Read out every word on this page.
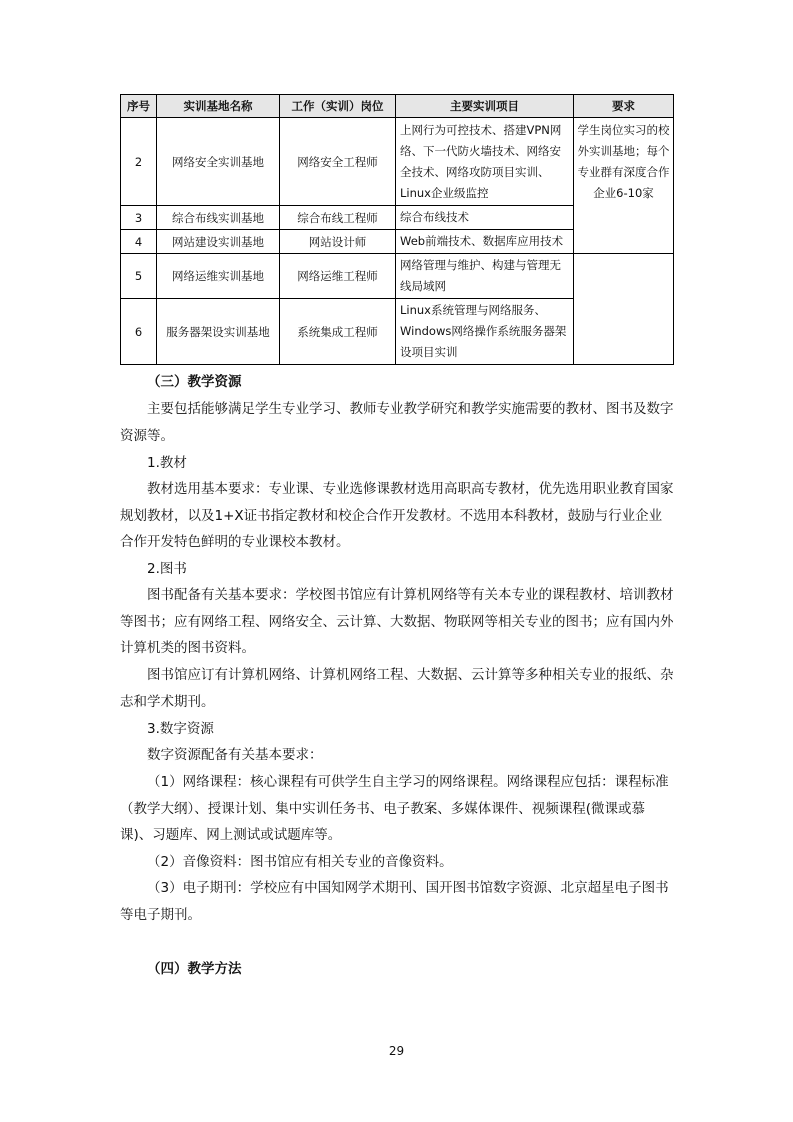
序号	实训基地名称	工作（实训）岗位	主要实训项目	要求
2	网络安全实训基地	网络安全工程师	上网行为可控技术、搭建VPN网络、下一代防火墙技术、网络安全技术、网络攻防项目实训、Linux企业级监控	学生岗位实习的校外实训基地；每个专业群有深度合作企业6-10家
3	综合布线实训基地	综合布线工程师	综合布线技术	
4	网站建设实训基地	网站设计师	Web前端技术、数据库应用技术	
5	网络运维实训基地	网络运维工程师	网络管理与维护、构建与管理无线局域网	
6	服务器架设实训基地	系统集成工程师	Linux系统管理与网络服务、Windows网络操作系统服务器架设项目实训	

（三）教学资源

主要包括能够满足学生专业学习、教师专业教学研究和教学实施需要的教材、图书及数字资源等。

1.教材

教材选用基本要求：专业课、专业选修课教材选用高职高专教材，优先选用职业教育国家规划教材，以及1+X证书指定教材和校企合作开发教材。不选用本科教材，鼓励与行业企业合作开发特色鲜明的专业课校本教材。

2.图书

图书配备有关基本要求：学校图书馆应有计算机网络等有关本专业的课程教材、培训教材等图书；应有网络工程、网络安全、云计算、大数据、物联网等相关专业的图书；应有国内外计算机类的图书资料。

图书馆应订有计算机网络、计算机网络工程、大数据、云计算等多种相关专业的报纸、杂志和学术期刊。

3.数字资源

数字资源配备有关基本要求：

（1）网络课程：核心课程有可供学生自主学习的网络课程。网络课程应包括：课程标准（教学大纲）、授课计划、集中实训任务书、电子教案、多媒体课件、视频课程(微课或慕课)、习题库、网上测试或试题库等。

（2）音像资料：图书馆应有相关专业的音像资料。

（3）电子期刊：学校应有中国知网学术期刊、国开图书馆数字资源、北京超星电子图书等电子期刊。

（四）教学方法

29
